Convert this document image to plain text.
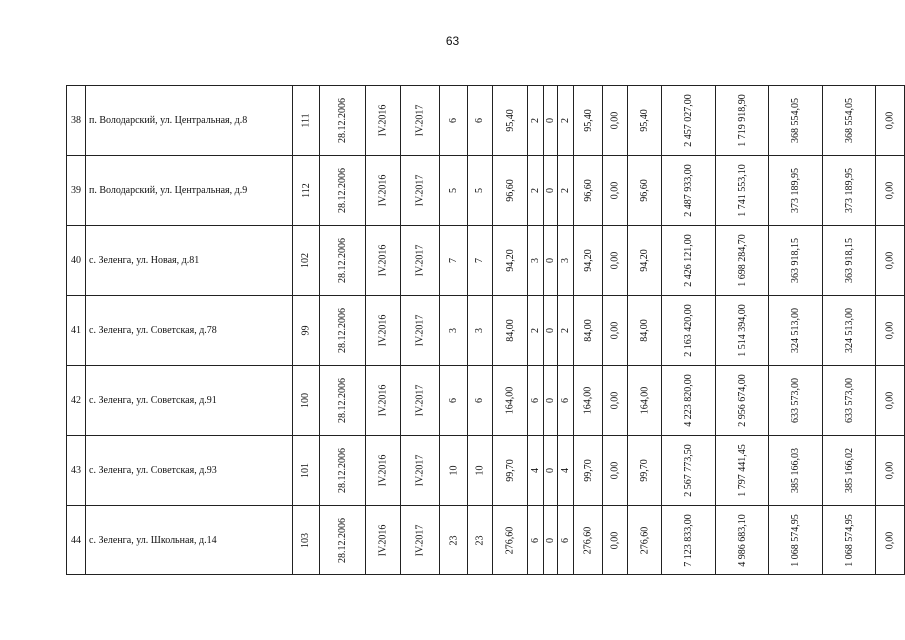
63
38	п. Володарский, ул. Центральная, д.8	111	28.12.2006	IV.2016	IV.2017	6	6	95,40	2	0	2	95,40	0,00	95,40	2 457 027,00	1 719 918,90	368 554,05	368 554,05	0,00
39	п. Володарский, ул. Центральная, д.9	112	28.12.2006	IV.2016	IV.2017	5	5	96,60	2	0	2	96,60	0,00	96,60	2 487 933,00	1 741 553,10	373 189,95	373 189,95	0,00
40	с. Зеленга, ул. Новая, д.81	102	28.12.2006	IV.2016	IV.2017	7	7	94,20	3	0	3	94,20	0,00	94,20	2 426 121,00	1 698 284,70	363 918,15	363 918,15	0,00
41	с. Зеленга, ул. Советская, д.78	99	28.12.2006	IV.2016	IV.2017	3	3	84,00	2	0	2	84,00	0,00	84,00	2 163 420,00	1 514 394,00	324 513,00	324 513,00	0,00
42	с. Зеленга, ул. Советская, д.91	100	28.12.2006	IV.2016	IV.2017	6	6	164,00	6	0	6	164,00	0,00	164,00	4 223 820,00	2 956 674,00	633 573,00	633 573,00	0,00
43	с. Зеленга, ул. Советская, д.93	101	28.12.2006	IV.2016	IV.2017	10	10	99,70	4	0	4	99,70	0,00	99,70	2 567 773,50	1 797 441,45	385 166,03	385 166,02	0,00
44	с. Зеленга, ул. Школьная, д.14	103	28.12.2006	IV.2016	IV.2017	23	23	276,60	6	0	6	276,60	0,00	276,60	7 123 833,00	4 986 683,10	1 068 574,95	1 068 574,95	0,00
